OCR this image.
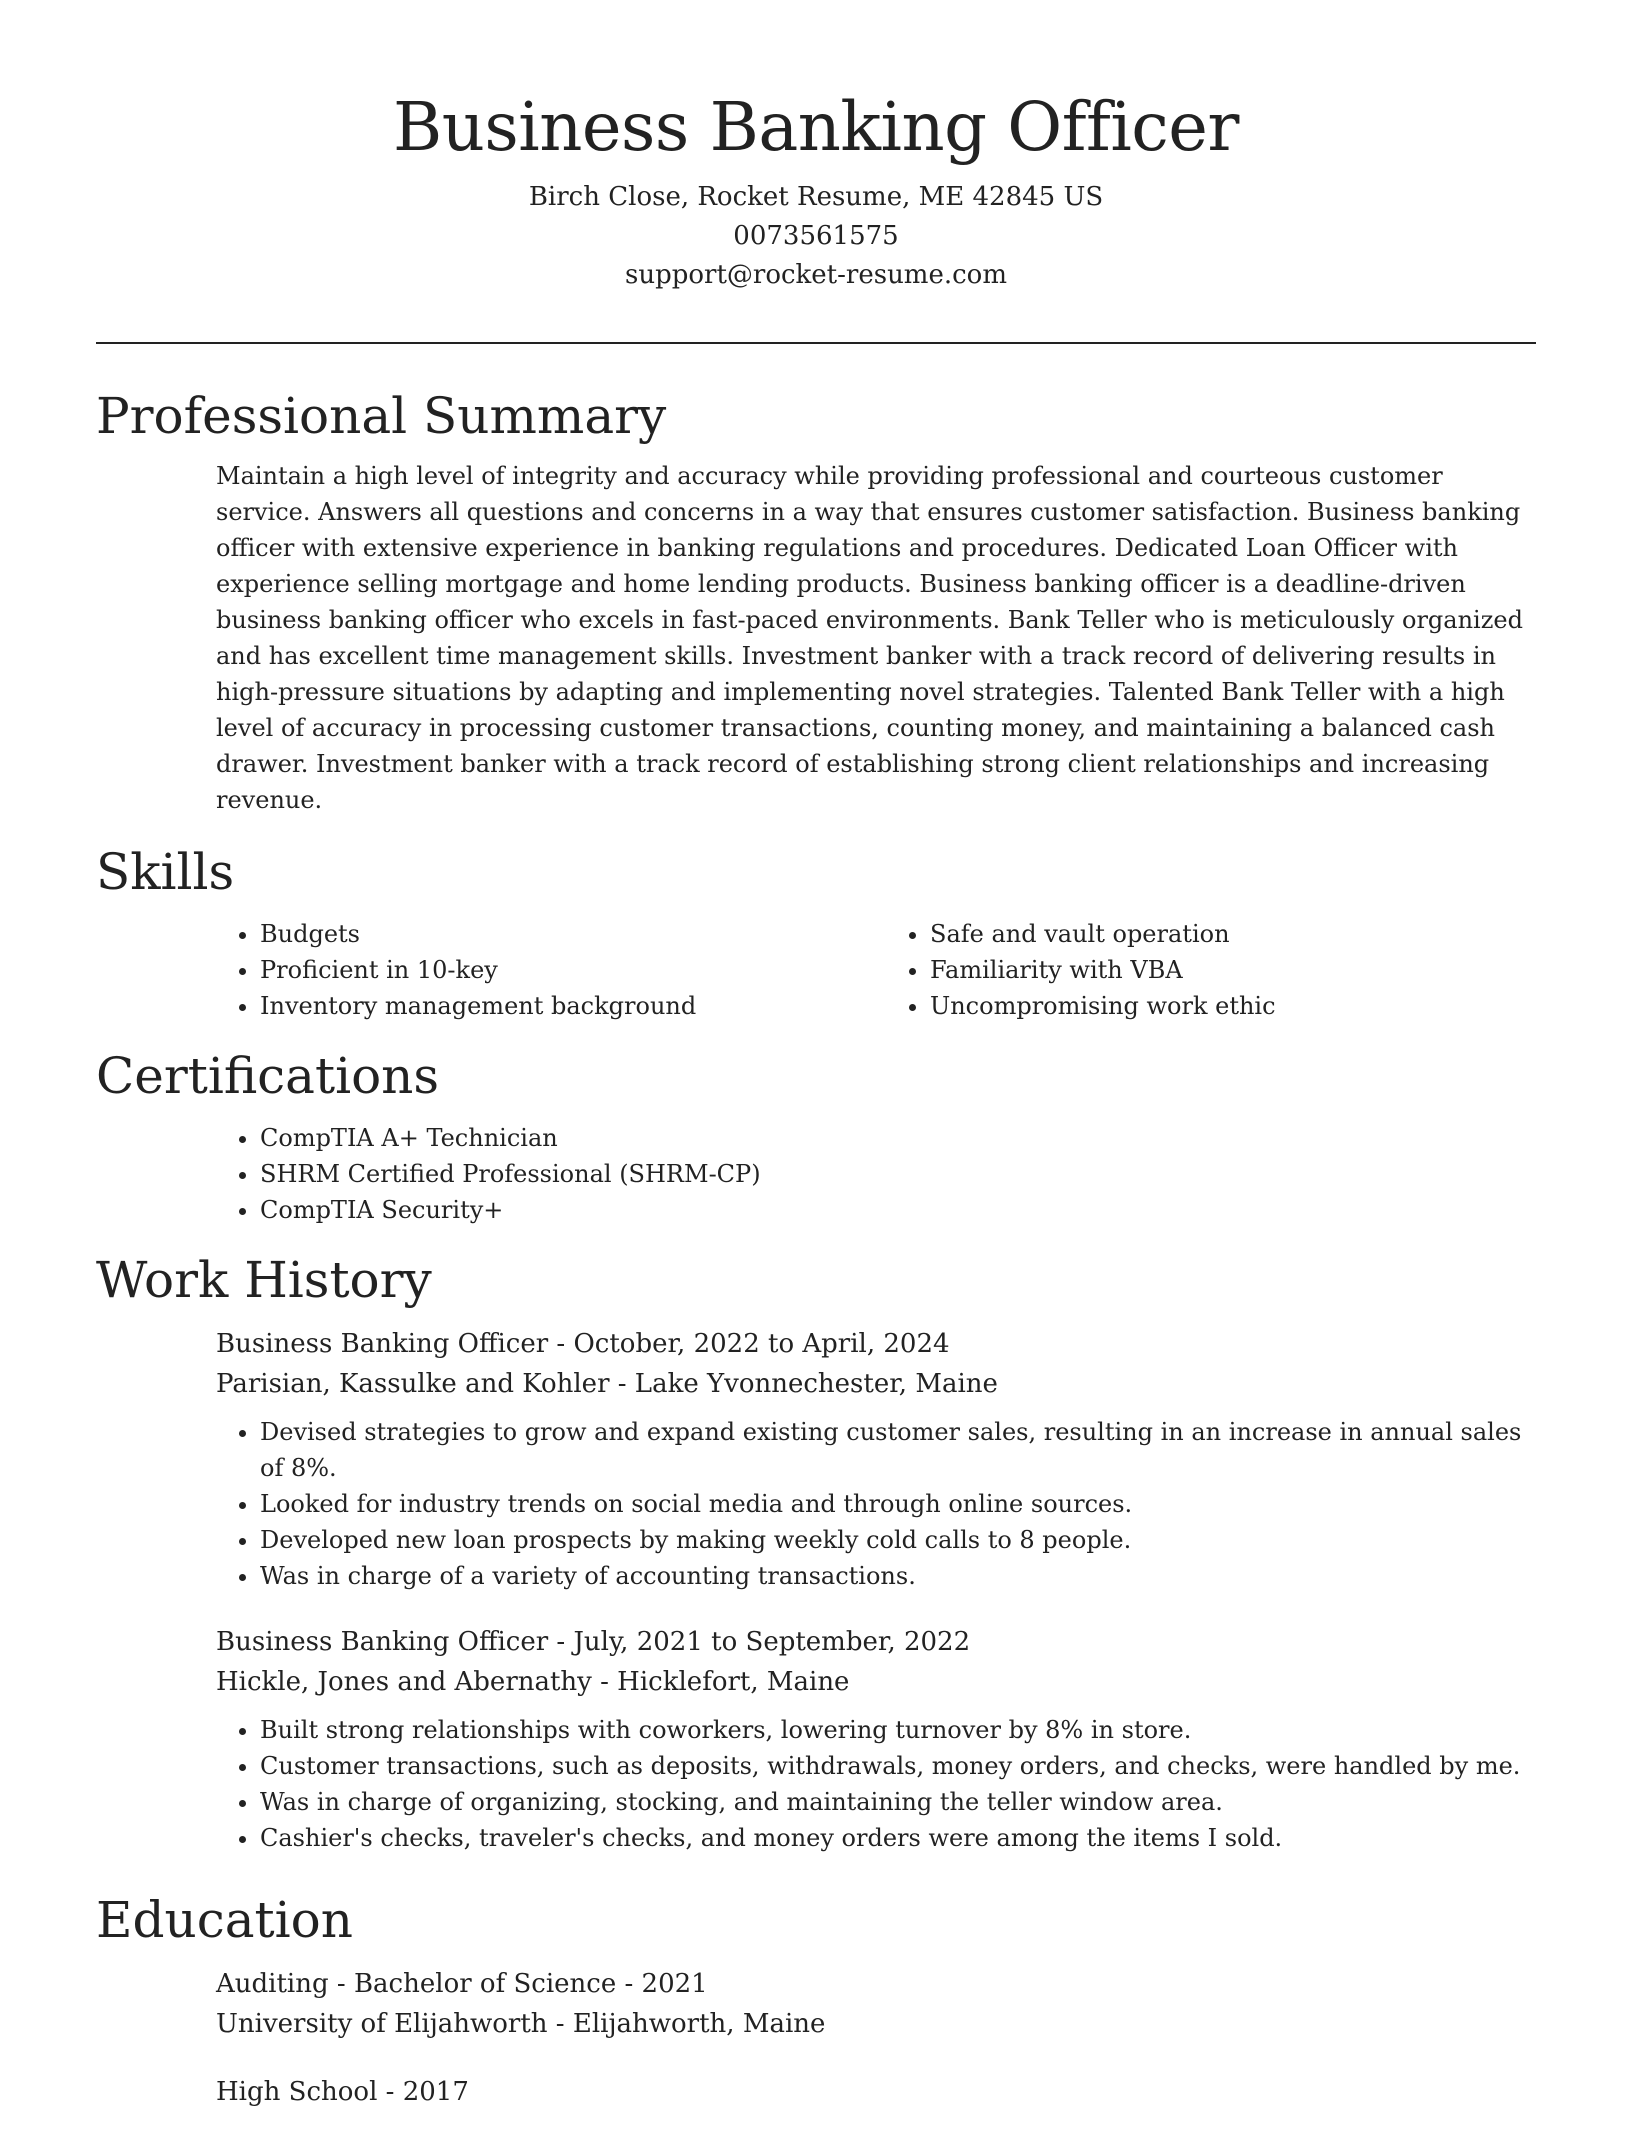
Business Banking Officer
Birch Close, Rocket Resume, ME 42845 US
0073561575
support@rocket-resume.com
Professional Summary

Maintain a high level of integrity and accuracy while providing professional and courteous customer service. Answers all questions and concerns in a way that ensures customer satisfaction. Business banking officer with extensive experience in banking regulations and procedures. Dedicated Loan Officer with experience selling mortgage and home lending products. Business banking officer is a deadline-driven business banking officer who excels in fast-paced environments. Bank Teller who is meticulously organized and has excellent time management skills. Investment banker with a track record of delivering results in high-pressure situations by adapting and implementing novel strategies. Talented Bank Teller with a high level of accuracy in processing customer transactions, counting money, and maintaining a balanced cash drawer. Investment banker with a track record of establishing strong client relationships and increasing revenue.

Skills
• Budgets
• Proficient in 10-key
• Inventory management background
• Safe and vault operation
• Familiarity with VBA
• Uncompromising work ethic
Certifications
• CompTIA A+ Technician
• SHRM Certified Professional (SHRM-CP)
• CompTIA Security+
Work History
Business Banking Officer - October, 2022 to April, 2024
Parisian, Kassulke and Kohler - Lake Yvonnechester, Maine
• Devised strategies to grow and expand existing customer sales, resulting in an increase in annual sales of 8%.
• Looked for industry trends on social media and through online sources.
• Developed new loan prospects by making weekly cold calls to 8 people.
• Was in charge of a variety of accounting transactions.
Business Banking Officer - July, 2021 to September, 2022
Hickle, Jones and Abernathy - Hicklefort, Maine
• Built strong relationships with coworkers, lowering turnover by 8% in store.
• Customer transactions, such as deposits, withdrawals, money orders, and checks, were handled by me.
• Was in charge of organizing, stocking, and maintaining the teller window area.
• Cashier's checks, traveler's checks, and money orders were among the items I sold.
Education
Auditing - Bachelor of Science - 2021
University of Elijahworth - Elijahworth, Maine
High School - 2017
